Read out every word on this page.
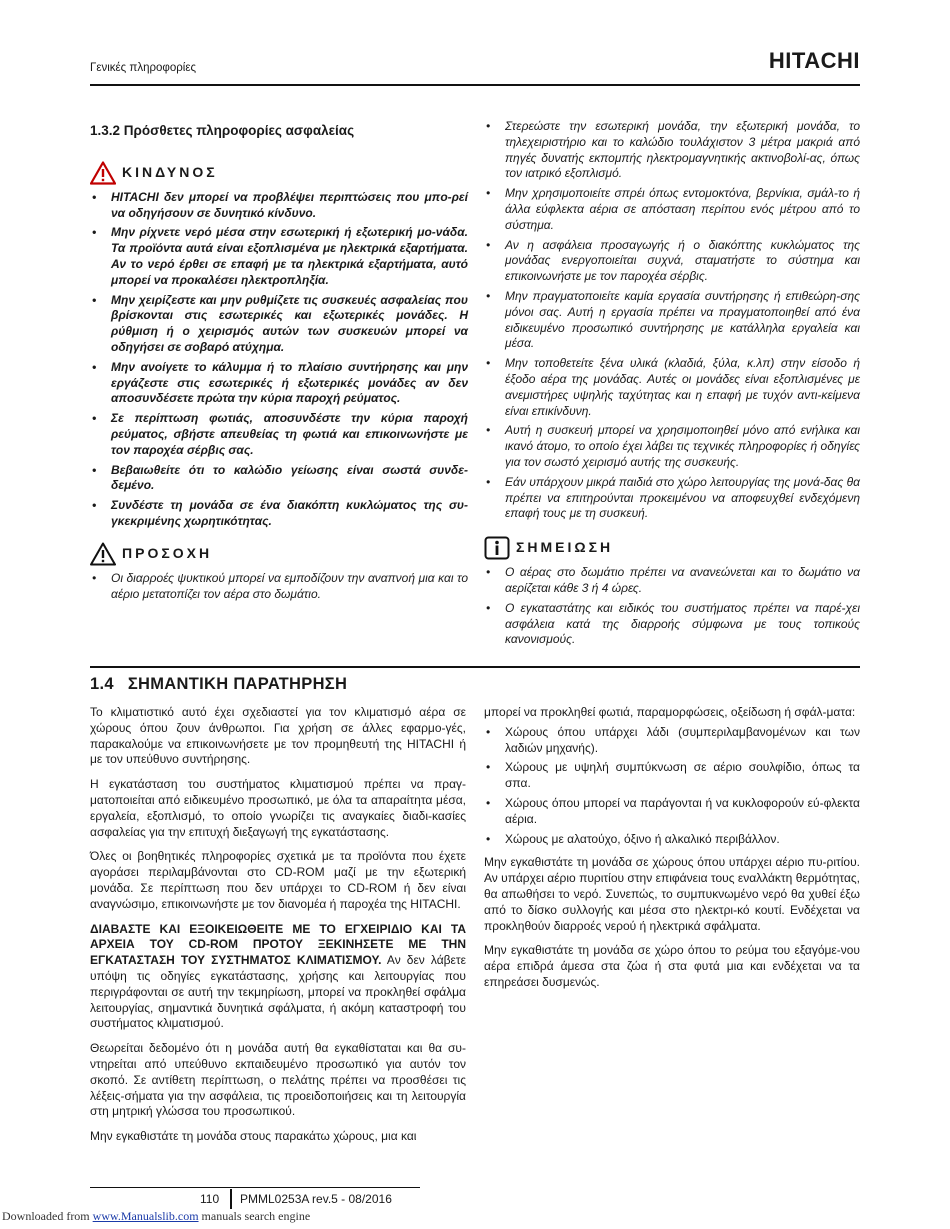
Γενικές πληροφορίες	HITACHI
1.3.2 Πρόσθετες πληροφορίες ασφαλείας
ΚΙΝΔΥΝΟΣ
• HITACHI δεν μπορεί να προβλέψει περιπτώσεις που μπο-ρεί να οδηγήσουν σε δυνητικό κίνδυνο.
• Μην ρίχνετε νερό μέσα στην εσωτερική ή εξωτερική μο-νάδα. Τα προϊόντα αυτά είναι εξοπλισμένα με ηλεκτρικά εξαρτήματα. Αν το νερό έρθει σε επαφή με τα ηλεκτρικά εξαρτήματα, αυτό μπορεί να προκαλέσει ηλεκτροπληξία.
• Μην χειρίζεστε και μην ρυθμίζετε τις συσκευές ασφαλείας που βρίσκονται στις εσωτερικές και εξωτερικές μονάδες. Η ρύθμιση ή ο χειρισμός αυτών των συσκευών μπορεί να οδηγήσει σε σοβαρό ατύχημα.
• Μην ανοίγετε το κάλυμμα ή το πλαίσιο συντήρησης και μην εργάζεστε στις εσωτερικές ή εξωτερικές μονάδες αν δεν αποσυνδέσετε πρώτα την κύρια παροχή ρεύματος.
• Σε περίπτωση φωτιάς, αποσυνδέστε την κύρια παροχή ρεύματος, σβήστε απευθείας τη φωτιά και επικοινωνήστε με τον παροχέα σέρβις σας.
• Βεβαιωθείτε ότι το καλώδιο γείωσης είναι σωστά συνδε-δεμένο.
• Συνδέστε τη μονάδα σε ένα διακόπτη κυκλώματος της συ-γκεκριμένης χωρητικότητας.
ΠΡΟΣΟΧΗ
• Οι διαρροές ψυκτικού μπορεί να εμποδίζουν την αναπνοή μια και το αέριο μετατοπίζει τον αέρα στο δωμάτιο.
• Στερεώστε την εσωτερική μονάδα, την εξωτερική μονάδα, το τηλεχειριστήριο και το καλώδιο τουλάχιστον 3 μέτρα μακριά από πηγές δυνατής εκπομπής ηλεκτρομαγνητικής ακτινοβολί-ας, όπως τον ιατρικό εξοπλισμό.
• Μην χρησιμοποιείτε σπρέι όπως εντομοκτόνα, βερνίκια, σμάλ-το ή άλλα εύφλεκτα αέρια σε απόσταση περίπου ενός μέτρου από το σύστημα.
• Αν η ασφάλεια προσαγωγής ή ο διακόπτης κυκλώματος της μονάδας ενεργοποιείται συχνά, σταματήστε το σύστημα και επικοινωνήστε με τον παροχέα σέρβις.
• Μην πραγματοποιείτε καμία εργασία συντήρησης ή επιθεώρη-σης μόνοι σας. Αυτή η εργασία πρέπει να πραγματοποιηθεί από ένα ειδικευμένο προσωπικό συντήρησης με κατάλληλα εργαλεία και μέσα.
• Μην τοποθετείτε ξένα υλικά (κλαδιά, ξύλα, κ.λπ) στην είσοδο ή έξοδο αέρα της μονάδας. Αυτές οι μονάδες είναι εξοπλισμένες με ανεμιστήρες υψηλής ταχύτητας και η επαφή με τυχόν αντι-κείμενα είναι επικίνδυνη.
• Αυτή η συσκευή μπορεί να χρησιμοποιηθεί μόνο από ενήλικα και ικανό άτομο, το οποίο έχει λάβει τις τεχνικές πληροφορίες ή οδηγίες για τον σωστό χειρισμό αυτής της συσκευής.
• Εάν υπάρχουν μικρά παιδιά στο χώρο λειτουργίας της μονά-δας θα πρέπει να επιτηρούνται προκειμένου να αποφευχθεί ενδεχόμενη επαφή τους με τη συσκευή.
ΣΗΜΕΙΩΣΗ
• Ο αέρας στο δωμάτιο πρέπει να ανανεώνεται και το δωμάτιο να αερίζεται κάθε 3 ή 4 ώρες.
• Ο εγκαταστάτης και ειδικός του συστήματος πρέπει να παρέ-χει ασφάλεια κατά της διαρροής σύμφωνα με τους τοπικούς κανονισμούς.
1.4 ΣΗΜΑΝΤΙΚΗ ΠΑΡΑΤΗΡΗΣΗ

Το κλιματιστικό αυτό έχει σχεδιαστεί για τον κλιματισμό αέρα σε χώρους όπου ζουν άνθρωποι. Για χρήση σε άλλες εφαρμο-γές, παρακαλούμε να επικοινωνήσετε με τον προμηθευτή της HITACHI ή με τον υπεύθυνο συντήρησης.

Η εγκατάσταση του συστήματος κλιματισμού πρέπει να πραγ-ματοποιείται από ειδικευμένο προσωπικό, με όλα τα απαραίτητα μέσα, εργαλεία, εξοπλισμό, το οποίο γνωρίζει τις αναγκαίες διαδι-κασίες ασφαλείας για την επιτυχή διεξαγωγή της εγκατάστασης.

Όλες οι βοηθητικές πληροφορίες σχετικά με τα προϊόντα που έχετε αγοράσει περιλαμβάνονται στο CD-ROM μαζί με την εξωτερική μονάδα. Σε περίπτωση που δεν υπάρχει το CD-ROM ή δεν είναι αναγνώσιμο, επικοινωνήστε με τον διανομέα ή παροχέα της HITACHI.

ΔΙΑΒΑΣΤΕ ΚΑΙ ΕΞΟΙΚΕΙΩΘΕΙΤΕ ΜΕ ΤΟ ΕΓΧΕΙΡΙΔΙΟ ΚΑΙ ΤΑ ΑΡΧΕΙΑ ΤΟΥ CD-ROM ΠΡΟΤΟΥ ΞΕΚΙΝΗΣΕΤΕ ΜΕ ΤΗΝ ΕΓΚΑΤΑΣΤΑΣΗ ΤΟΥ ΣΥΣΤΗΜΑΤΟΣ ΚΛΙΜΑΤΙΣΜΟΥ. Αν δεν λάβετε υπόψη τις οδηγίες εγκατάστασης, χρήσης και λειτουργίας που περιγράφονται σε αυτή την τεκμηρίωση, μπορεί να προκληθεί σφάλμα λειτουργίας, σημαντικά δυνητικά σφάλματα, ή ακόμη καταστροφή του συστήματος κλιματισμού.

Θεωρείται δεδομένο ότι η μονάδα αυτή θα εγκαθίσταται και θα συ-ντηρείται από υπεύθυνο εκπαιδευμένο προσωπικό για αυτόν τον σκοπό. Σε αντίθετη περίπτωση, ο πελάτης πρέπει να προσθέσει τις λέξεις-σήματα για την ασφάλεια, τις προειδοποιήσεις και τη λειτουργία στη μητρική γλώσσα του προσωπικού.

Μην εγκαθιστάτε τη μονάδα στους παρακάτω χώρους, μια και

μπορεί να προκληθεί φωτιά, παραμορφώσεις, οξείδωση ή σφάλ-ματα:

• Χώρους όπου υπάρχει λάδι (συμπεριλαμβανομένων και των λαδιών μηχανής).
• Χώρους με υψηλή συμπύκνωση σε αέριο σουλφίδιο, όπως τα σπα.
• Χώρους όπου μπορεί να παράγονται ή να κυκλοφορούν εύ-φλεκτα αέρια.
• Χώρους με αλατούχο, όξινο ή αλκαλικό περιβάλλον.

Μην εγκαθιστάτε τη μονάδα σε χώρους όπου υπάρχει αέριο πυ-ριτίου. Αν υπάρχει αέριο πυριτίου στην επιφάνεια τους εναλλάκτη θερμότητας, θα απωθήσει το νερό. Συνεπώς, το συμπυκνωμένο νερό θα χυθεί έξω από το δίσκο συλλογής και μέσα στο ηλεκτρι-κό κουτί. Ενδέχεται να προκληθούν διαρροές νερού ή ηλεκτρικά σφάλματα.

Μην εγκαθιστάτε τη μονάδα σε χώρο όπου το ρεύμα του εξαγόμε-νου αέρα επιδρά άμεσα στα ζώα ή στα φυτά μια και ενδέχεται να τα επηρεάσει δυσμενώς.

110 PMML0253A rev.5 - 08/2016
Downloaded from www.Manualslib.com manuals search engine
